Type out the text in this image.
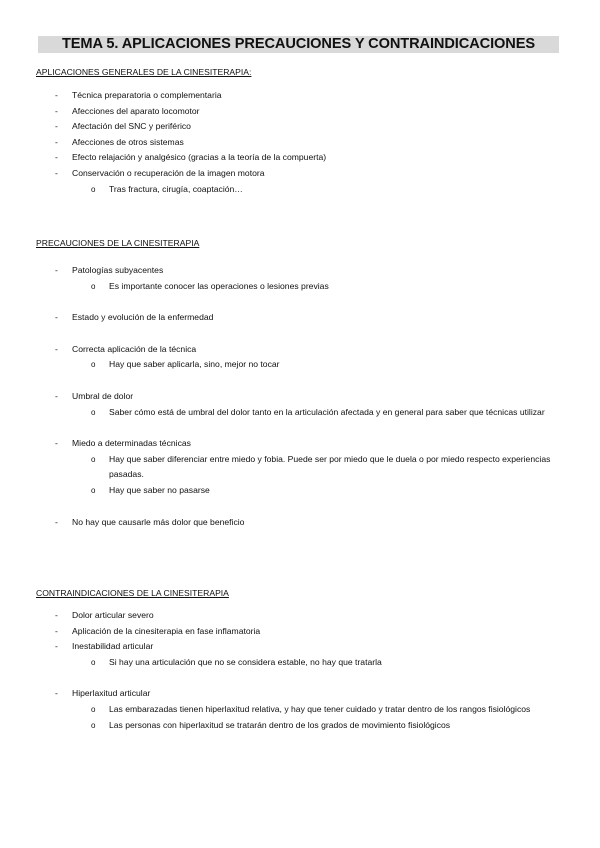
TEMA 5. APLICACIONES PRECAUCIONES Y CONTRAINDICACIONES

APLICACIONES GENERALES DE LA CINESITERAPIA:

- Técnica preparatoria o complementaria
- Afecciones del aparato locomotor
- Afectación del SNC y periférico
- Afecciones de otros sistemas
- Efecto relajación y analgésico (gracias a la teoría de la compuerta)
- Conservación o recuperación de la imagen motora
o Tras fractura, cirugía, coaptación…

PRECAUCIONES DE LA CINESITERAPIA

- Patologías subyacentes
o Es importante conocer las operaciones o lesiones previas
- Estado y evolución de la enfermedad
- Correcta aplicación de la técnica
o Hay que saber aplicarla, sino, mejor no tocar
- Umbral de dolor
o Saber cómo está de umbral del dolor tanto en la articulación afectada y en general para saber que técnicas utilizar
- Miedo a determinadas técnicas
o Hay que saber diferenciar entre miedo y fobia. Puede ser por miedo que le duela o por miedo respecto experiencias pasadas.
o Hay que saber no pasarse
- No hay que causarle más dolor que beneficio

CONTRAINDICACIONES DE LA CINESITERAPIA

- Dolor articular severo
- Aplicación de la cinesiterapia en fase inflamatoria
- Inestabilidad articular
o Si hay una articulación que no se considera estable, no hay que tratarla
- Hiperlaxitud articular
o Las embarazadas tienen hiperlaxitud relativa, y hay que tener cuidado y tratar dentro de los rangos fisiológicos
o Las personas con hiperlaxitud se tratarán dentro de los grados de movimiento fisiológicos
